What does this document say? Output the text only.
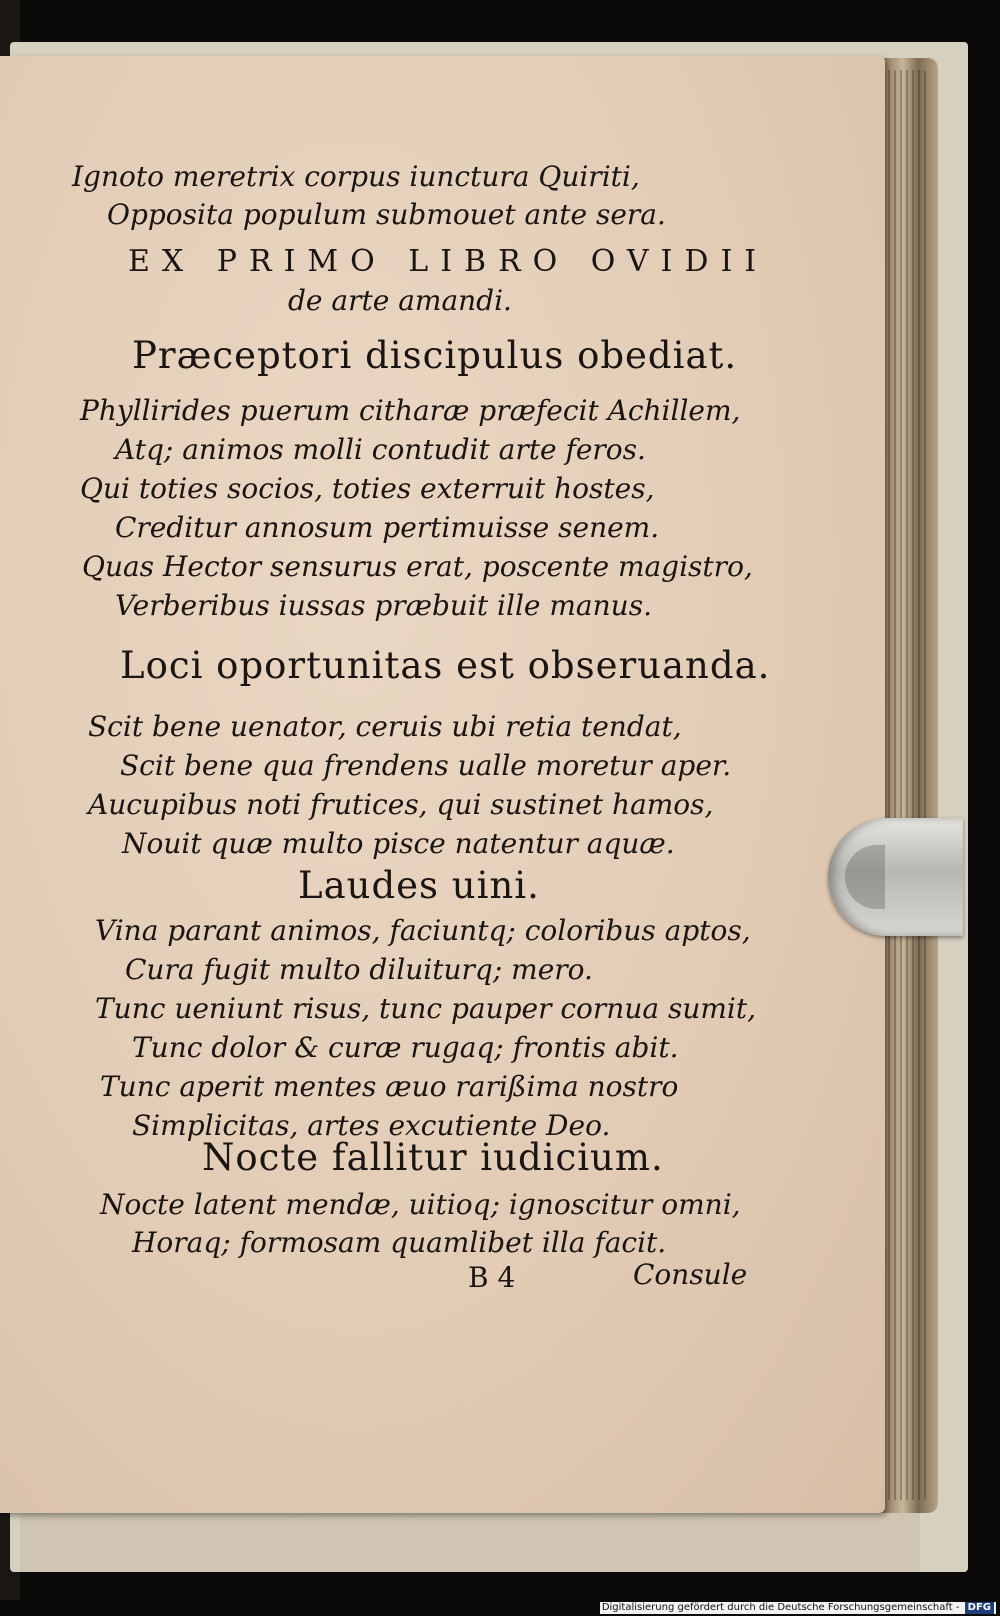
Ignoto meretrix corpus iunctura Quiriti,
Opposita populum submouet ante sera.
EX PRIMO LIBRO OVIDII
de arte amandi.
Præceptori discipulus obediat.
Phyllirides puerum citharæ præfecit Achillem,
Atq; animos molli contudit arte feros.
Qui toties socios, toties exterruit hostes,
Creditur annosum pertimuisse senem.
Quas Hector sensurus erat, poscente magistro,
Verberibus iussas præbuit ille manus.
Loci oportunitas est obseruanda.
Scit bene uenator, ceruis ubi retia tendat,
Scit bene qua frendens ualle moretur aper.
Aucupibus noti frutices, qui sustinet hamos,
Nouit quæ multo pisce natentur aquæ.
Laudes uini.
Vina parant animos, faciuntq; coloribus aptos,
Cura fugit multo diluiturq; mero.
Tunc ueniunt risus, tunc pauper cornua sumit,
Tunc dolor & curæ rugaq; frontis abit.
Tunc aperit mentes æuo rarißima nostro
Simplicitas, artes excutiente Deo.
Nocte fallitur iudicium.
Nocte latent mendæ, uitioq; ignoscitur omni,
Horaq; formosam quamlibet illa facit.
B 4	Consule
Digitalisierung gefördert durch die Deutsche Forschungsgemeinschaft - DFG
